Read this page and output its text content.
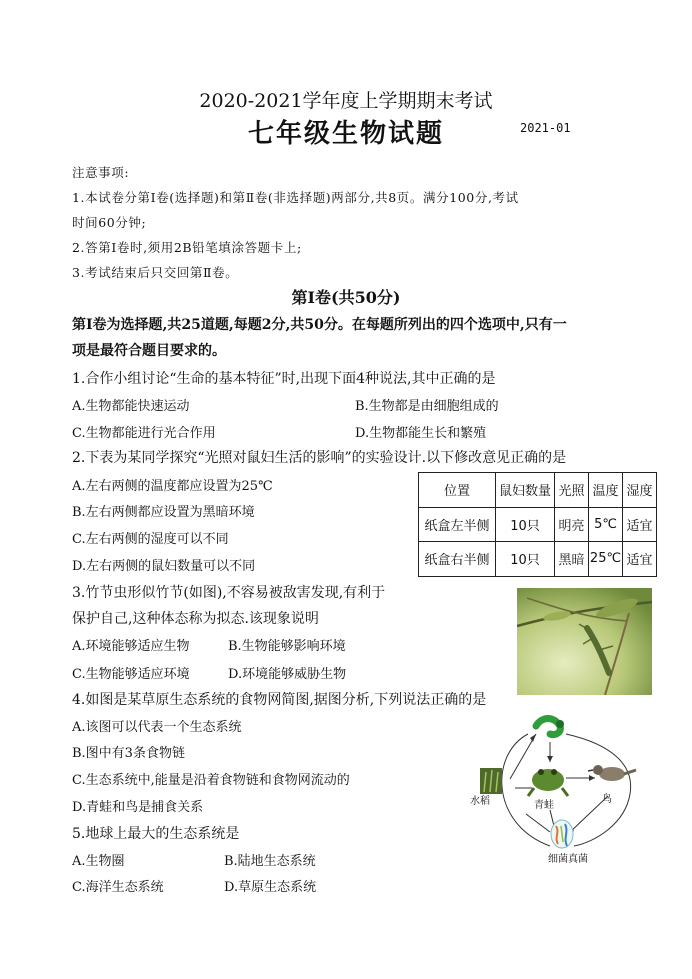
2020-2021学年度上学期期末考试
七年级生物试题	2021-01
注意事项:
1.本试卷分第Ⅰ卷(选择题)和第Ⅱ卷(非选择题)两部分,共8页。满分100分,考试
时间60分钟;
2.答第Ⅰ卷时,须用2B铅笔填涂答题卡上;
3.考试结束后只交回第Ⅱ卷。
第Ⅰ卷(共50分)
第Ⅰ卷为选择题,共25道题,每题2分,共50分。在每题所列出的四个选项中,只有一
项是最符合题目要求的。
1.合作小组讨论“生命的基本特征”时,出现下面4种说法,其中正确的是
A.生物都能快速运动	B.生物都是由细胞组成的
C.生物都能进行光合作用	D.生物都能生长和繁殖
2.下表为某同学探究“光照对鼠妇生活的影响”的实验设计.以下修改意见正确的是
A.左右两侧的温度都应设置为25℃
B.左右两侧都应设置为黑暗环境
C.左右两侧的湿度可以不同
D.左右两侧的鼠妇数量可以不同
位置	鼠妇数量	光照	温度	湿度
纸盒左半侧	10只	明亮	5℃	适宜
纸盒右半侧	10只	黑暗	25℃	适宜
3.竹节虫形似竹节(如图),不容易被敌害发现,有利于
保护自己,这种体态称为拟态.该现象说明
A.环境能够适应生物	B.生物能够影响环境
C.生物能够适应环境	D.环境能够威胁生物
4.如图是某草原生态系统的食物网简图,据图分析,下列说法正确的是
A.该图可以代表一个生态系统
B.图中有3条食物链
C.生态系统中,能量是沿着食物链和食物网流动的
D.青蛙和鸟是捕食关系	水稻	青蛙
鸟
细菌真菌
5.地球上最大的生态系统是
A.生物圈	B.陆地生态系统
C.海洋生态系统	D.草原生态系统
